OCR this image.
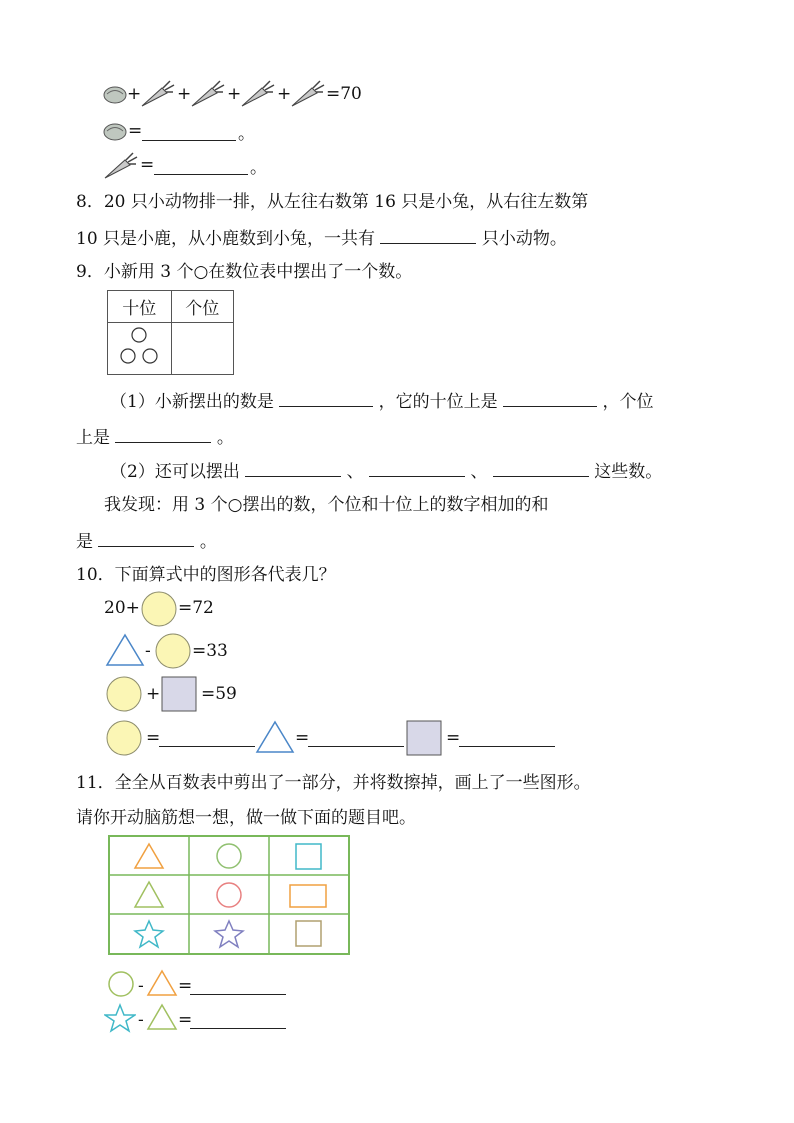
+ + + + =70
=	。
=	。
8．20 只小动物排一排，从左往右数第 16 只是小兔，从右往左数第
10 只是小鹿，从小鹿数到小兔，一共有	只小动物。
9．小新用 3 个○在数位表中摆出了一个数。
十位	个位

（1）小新摆出的数是	，它的十位上是	，个位
上是	。
（2）还可以摆出	、	、	这些数。
我发现：用 3 个○摆出的数，个位和十位上的数字相加的和
是	。
10．下面算式中的图形各代表几？
20+ =72
- =33
+ =59
=	=	=
11．全全从百数表中剪出了一部分，并将数擦掉，画上了一些图形。
请你开动脑筋想一想，做一做下面的题目吧。
- =
- =
